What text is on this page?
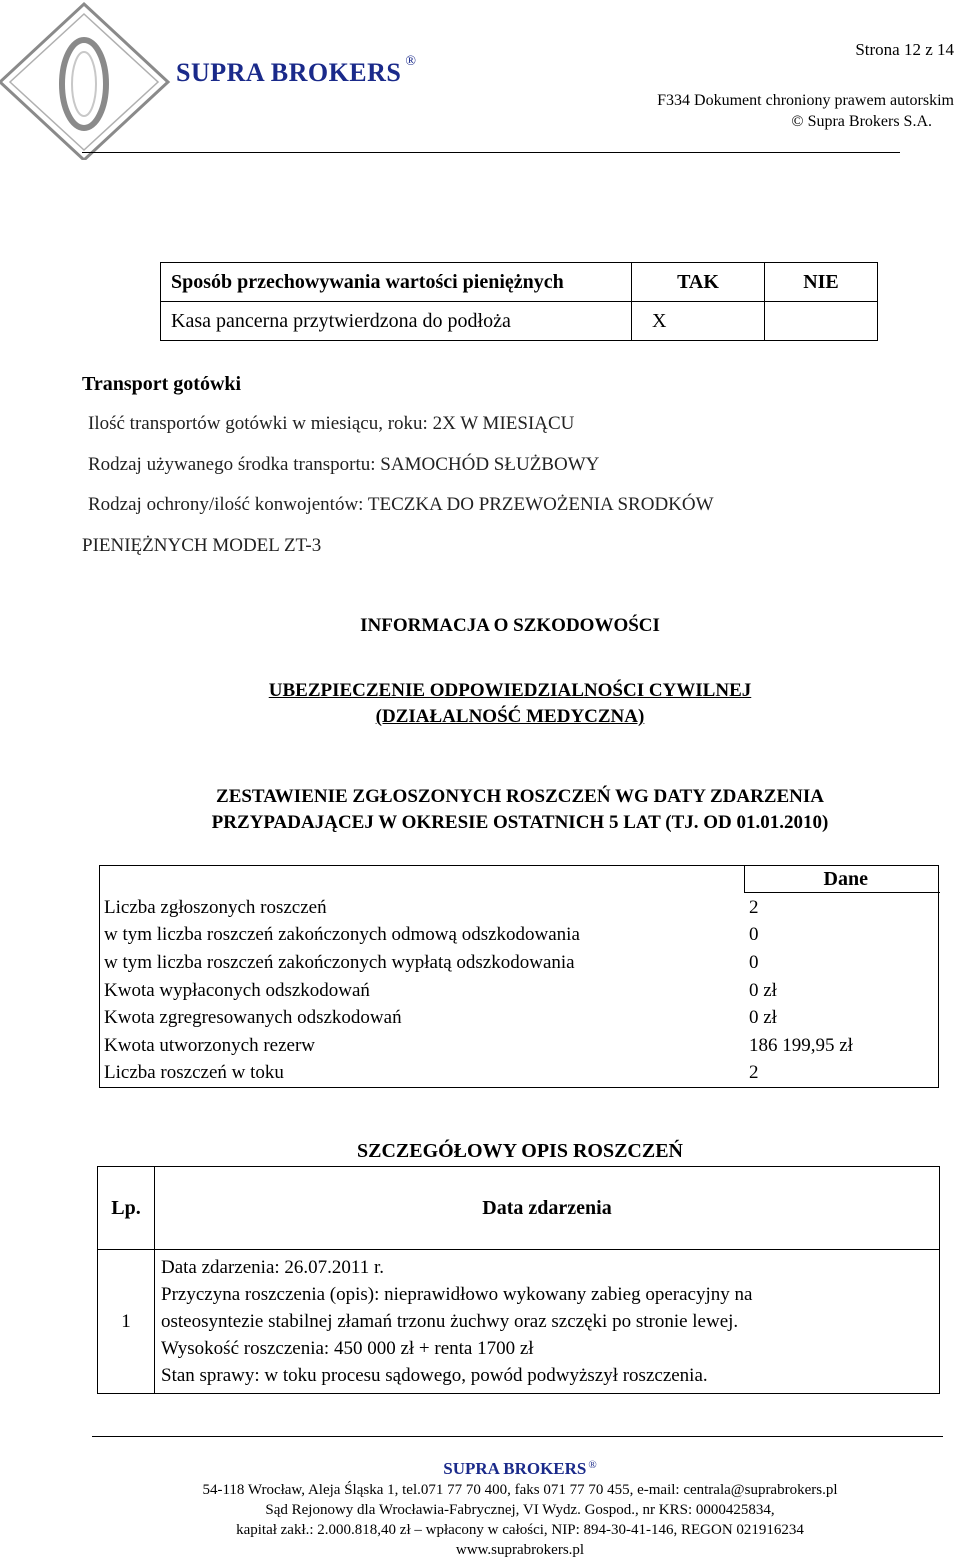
SUPRA BROKERS ®
Strona 12 z 14
F334 Dokument chroniony prawem autorskim
© Supra Brokers S.A.
Sposób przechowywania wartości pieniężnych	TAK	NIE
Kasa pancerna przytwierdzona do podłoża	X	
Transport gotówki
Ilość transportów gotówki w miesiącu, roku: 2X W MIESIĄCU
Rodzaj używanego środka transportu: SAMOCHÓD SŁUŻBOWY
Rodzaj ochrony/ilość konwojentów: TECZKA DO PRZEWOŻENIA SRODKÓW
PIENIĘŻNYCH MODEL ZT-3
INFORMACJA O SZKODOWOŚCI
UBEZPIECZENIE ODPOWIEDZIALNOŚCI CYWILNEJ
(DZIAŁALNOŚĆ MEDYCZNA)
ZESTAWIENIE ZGŁOSZONYCH ROSZCZEŃ WG DATY ZDARZENIA
PRZYPADAJĄCEJ W OKRESIE OSTATNICH 5 LAT (TJ. OD 01.01.2010)
	Dane
Liczba zgłoszonych roszczeń	2
w tym liczba roszczeń zakończonych odmową odszkodowania	0
w tym liczba roszczeń zakończonych wypłatą odszkodowania	0
Kwota wypłaconych odszkodowań	0 zł
Kwota zgregresowanych odszkodowań	0 zł
Kwota utworzonych rezerw	186 199,95 zł
Liczba roszczeń w toku	2
SZCZEGÓŁOWY OPIS ROSZCZEŃ
Lp.	Data zdarzenia
1	Data zdarzenia: 26.07.2011 r.
Przyczyna roszczenia (opis): nieprawidłowo wykowany zabieg operacyjny na
osteosyntezie stabilnej złamań trzonu żuchwy oraz szczęki po stronie lewej.
Wysokość roszczenia: 450 000 zł + renta 1700 zł
Stan sprawy: w toku procesu sądowego, powód podwyższył roszczenia.
SUPRA BROKERS ®
54-118 Wrocław, Aleja Śląska 1, tel.071 77 70 400, faks 071 77 70 455, e-mail: centrala@suprabrokers.pl
Sąd Rejonowy dla Wrocławia-Fabrycznej, VI Wydz. Gospod., nr KRS: 0000425834,
kapitał zakł.: 2.000.818,40 zł – wpłacony w całości, NIP: 894-30-41-146, REGON 021916234
www.suprabrokers.pl
